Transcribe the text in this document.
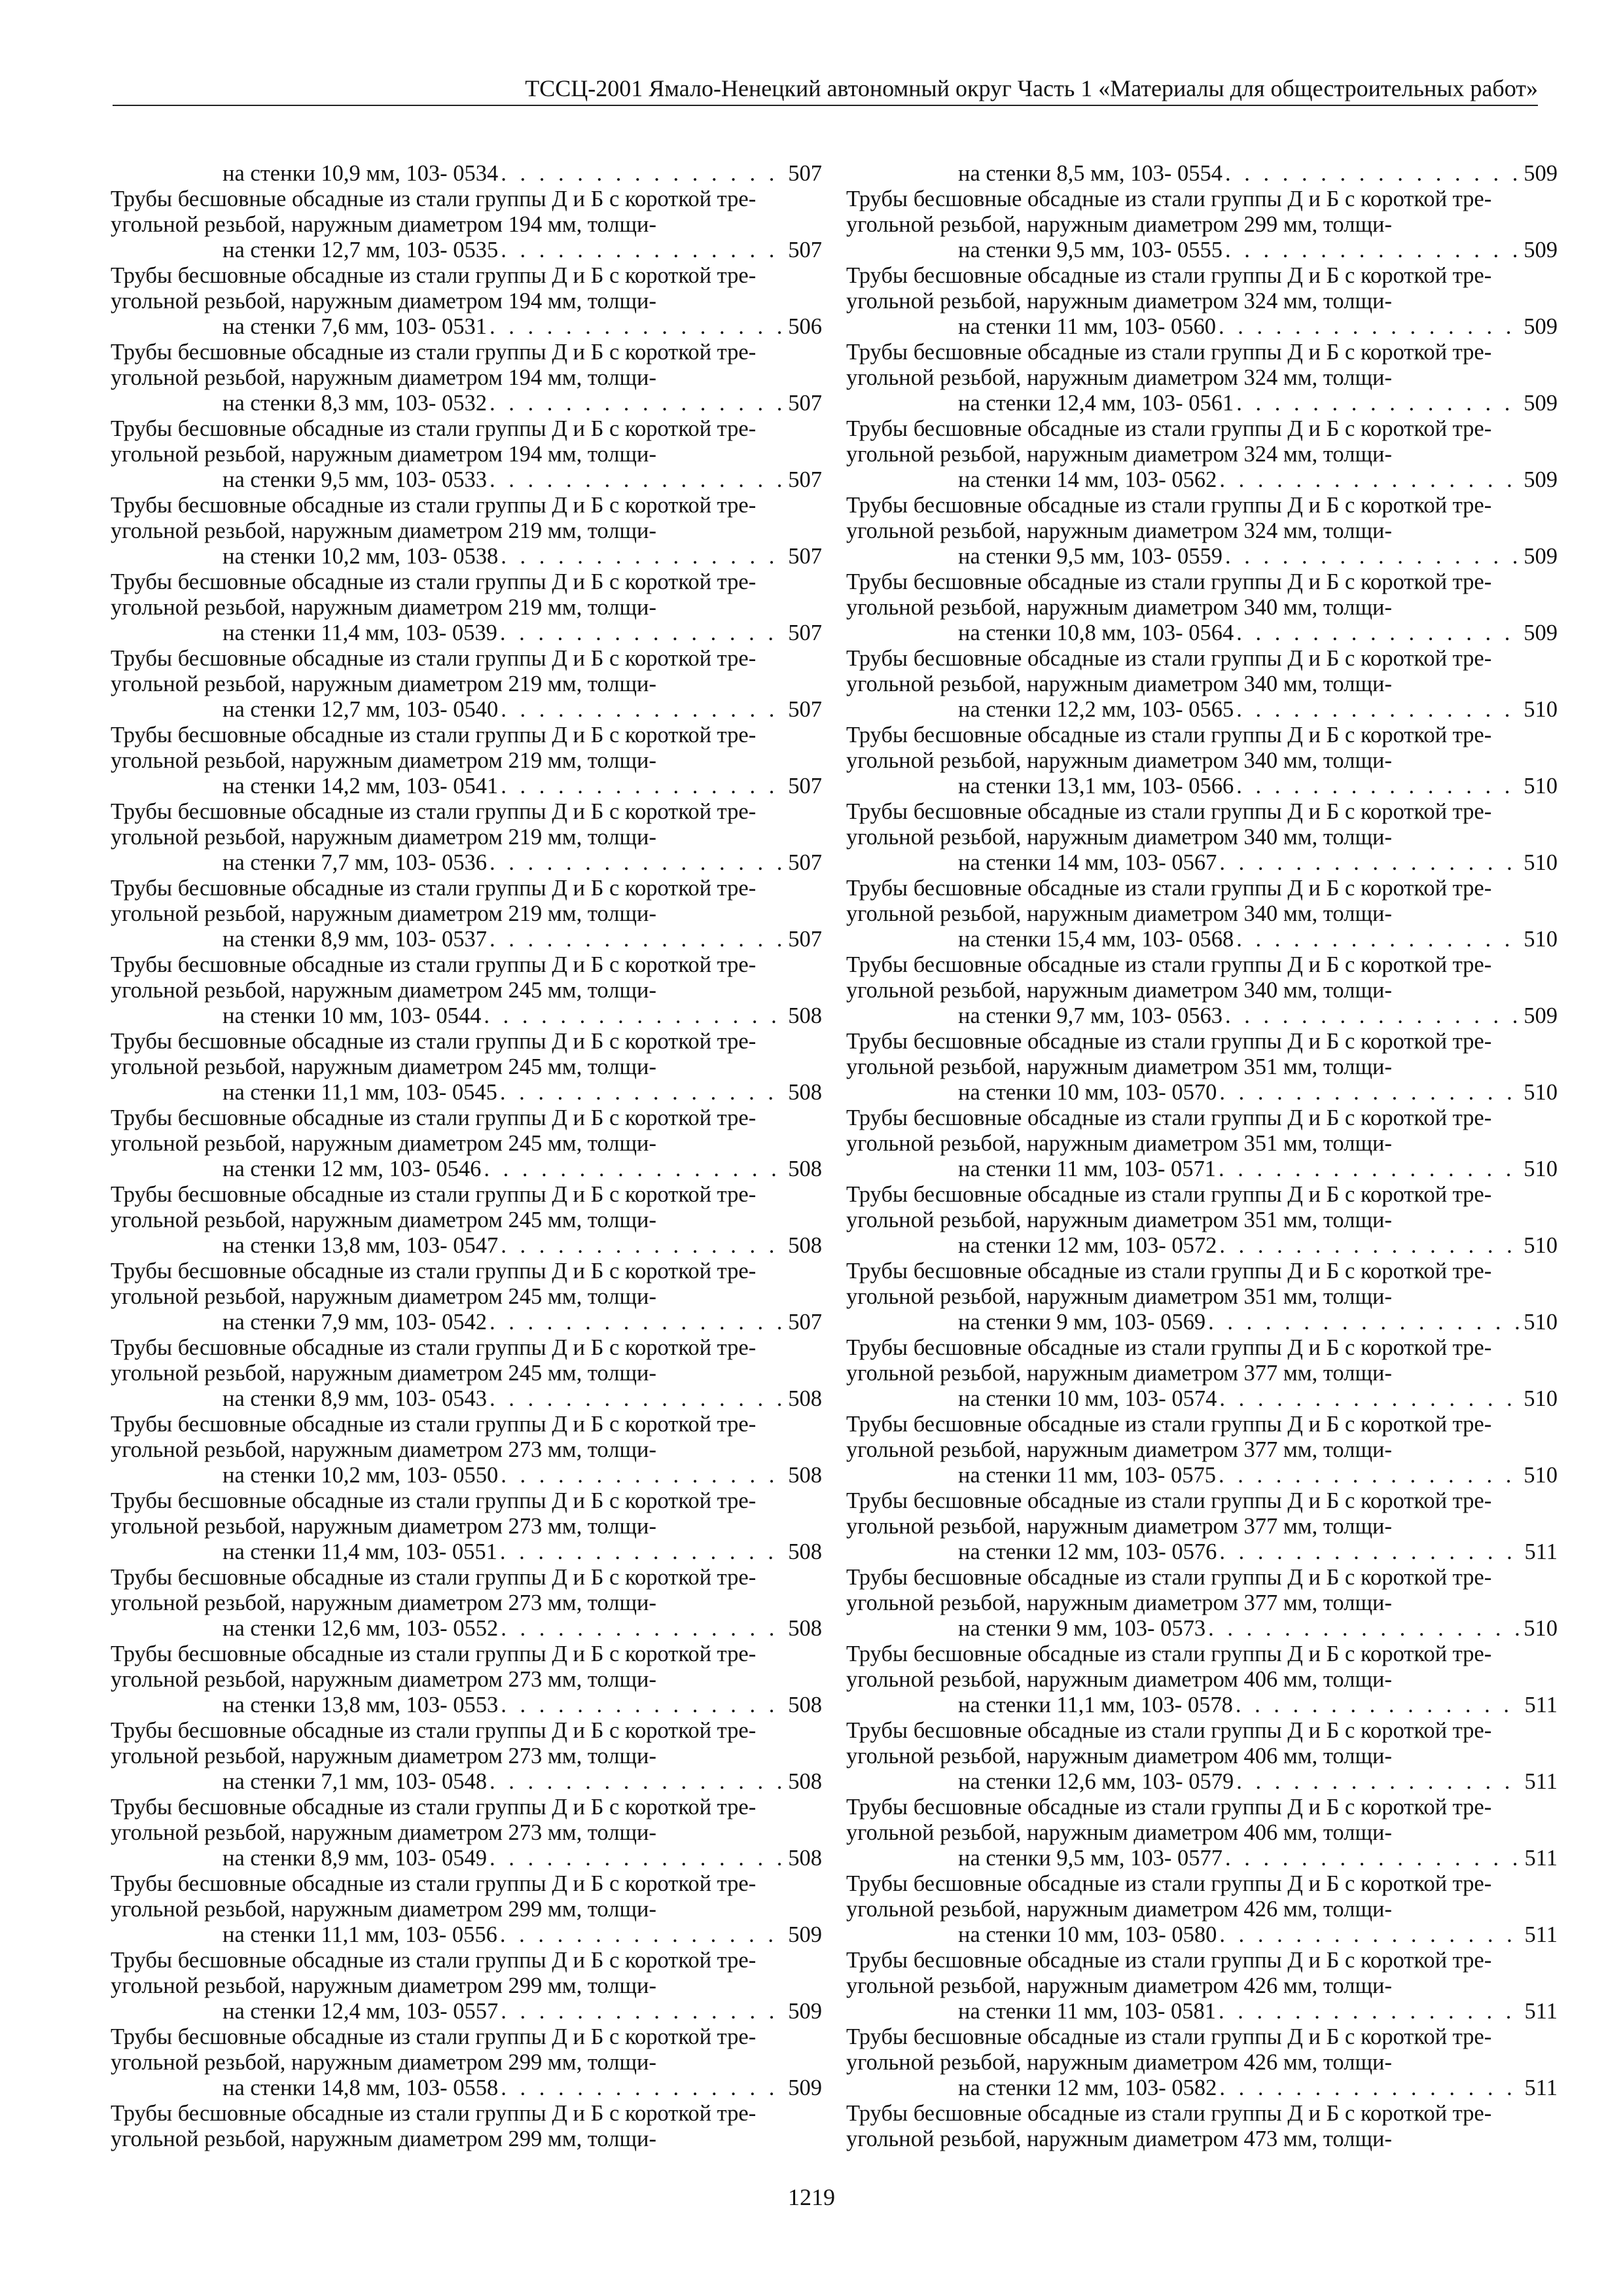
ТССЦ-2001 Ямало-Ненецкий автономный округ Часть 1 «Материалы для общестроительных работ»
на стенки 10,9 мм, 103- 0534 . . .	507
Трубы бесшовные обсадные из стали группы Д и Б с короткой тре-
угольной резьбой, наружным диаметром 194 мм, толщи-
на стенки 12,7 мм, 103- 0535 . . .	507
Трубы бесшовные обсадные из стали группы Д и Б с короткой тре-
угольной резьбой, наружным диаметром 194 мм, толщи-
на стенки 7,6 мм, 103- 0531 . . .	506
Трубы бесшовные обсадные из стали группы Д и Б с короткой тре-
угольной резьбой, наружным диаметром 194 мм, толщи-
на стенки 8,3 мм, 103- 0532 . . .	507
Трубы бесшовные обсадные из стали группы Д и Б с короткой тре-
угольной резьбой, наружным диаметром 194 мм, толщи-
на стенки 9,5 мм, 103- 0533 . . .	507
Трубы бесшовные обсадные из стали группы Д и Б с короткой тре-
угольной резьбой, наружным диаметром 219 мм, толщи-
на стенки 10,2 мм, 103- 0538 . . .	507
Трубы бесшовные обсадные из стали группы Д и Б с короткой тре-
угольной резьбой, наружным диаметром 219 мм, толщи-
на стенки 11,4 мм, 103- 0539 . . .	507
Трубы бесшовные обсадные из стали группы Д и Б с короткой тре-
угольной резьбой, наружным диаметром 219 мм, толщи-
на стенки 12,7 мм, 103- 0540 . . .	507
Трубы бесшовные обсадные из стали группы Д и Б с короткой тре-
угольной резьбой, наружным диаметром 219 мм, толщи-
на стенки 14,2 мм, 103- 0541 . . .	507
Трубы бесшовные обсадные из стали группы Д и Б с короткой тре-
угольной резьбой, наружным диаметром 219 мм, толщи-
на стенки 7,7 мм, 103- 0536 . . .	507
Трубы бесшовные обсадные из стали группы Д и Б с короткой тре-
угольной резьбой, наружным диаметром 219 мм, толщи-
на стенки 8,9 мм, 103- 0537 . . .	507
Трубы бесшовные обсадные из стали группы Д и Б с короткой тре-
угольной резьбой, наружным диаметром 245 мм, толщи-
на стенки 10 мм, 103- 0544 . . .	508
Трубы бесшовные обсадные из стали группы Д и Б с короткой тре-
угольной резьбой, наружным диаметром 245 мм, толщи-
на стенки 11,1 мм, 103- 0545 . . .	508
Трубы бесшовные обсадные из стали группы Д и Б с короткой тре-
угольной резьбой, наружным диаметром 245 мм, толщи-
на стенки 12 мм, 103- 0546 . . .	508
Трубы бесшовные обсадные из стали группы Д и Б с короткой тре-
угольной резьбой, наружным диаметром 245 мм, толщи-
на стенки 13,8 мм, 103- 0547 . . .	508
Трубы бесшовные обсадные из стали группы Д и Б с короткой тре-
угольной резьбой, наружным диаметром 245 мм, толщи-
на стенки 7,9 мм, 103- 0542 . . .	507
Трубы бесшовные обсадные из стали группы Д и Б с короткой тре-
угольной резьбой, наружным диаметром 245 мм, толщи-
на стенки 8,9 мм, 103- 0543 . . .	508
Трубы бесшовные обсадные из стали группы Д и Б с короткой тре-
угольной резьбой, наружным диаметром 273 мм, толщи-
на стенки 10,2 мм, 103- 0550 . . .	508
Трубы бесшовные обсадные из стали группы Д и Б с короткой тре-
угольной резьбой, наружным диаметром 273 мм, толщи-
на стенки 11,4 мм, 103- 0551 . . .	508
Трубы бесшовные обсадные из стали группы Д и Б с короткой тре-
угольной резьбой, наружным диаметром 273 мм, толщи-
на стенки 12,6 мм, 103- 0552 . . .	508
Трубы бесшовные обсадные из стали группы Д и Б с короткой тре-
угольной резьбой, наружным диаметром 273 мм, толщи-
на стенки 13,8 мм, 103- 0553 . . .	508
Трубы бесшовные обсадные из стали группы Д и Б с короткой тре-
угольной резьбой, наружным диаметром 273 мм, толщи-
на стенки 7,1 мм, 103- 0548 . . .	508
Трубы бесшовные обсадные из стали группы Д и Б с короткой тре-
угольной резьбой, наружным диаметром 273 мм, толщи-
на стенки 8,9 мм, 103- 0549 . . .	508
Трубы бесшовные обсадные из стали группы Д и Б с короткой тре-
угольной резьбой, наружным диаметром 299 мм, толщи-
на стенки 11,1 мм, 103- 0556 . . .	509
Трубы бесшовные обсадные из стали группы Д и Б с короткой тре-
угольной резьбой, наружным диаметром 299 мм, толщи-
на стенки 12,4 мм, 103- 0557 . . .	509
Трубы бесшовные обсадные из стали группы Д и Б с короткой тре-
угольной резьбой, наружным диаметром 299 мм, толщи-
на стенки 14,8 мм, 103- 0558 . . .	509
Трубы бесшовные обсадные из стали группы Д и Б с короткой тре-
угольной резьбой, наружным диаметром 299 мм, толщи-
на стенки 8,5 мм, 103- 0554 . . .	509
Трубы бесшовные обсадные из стали группы Д и Б с короткой тре-
угольной резьбой, наружным диаметром 299 мм, толщи-
на стенки 9,5 мм, 103- 0555 . . .	509
Трубы бесшовные обсадные из стали группы Д и Б с короткой тре-
угольной резьбой, наружным диаметром 324 мм, толщи-
на стенки 11 мм, 103- 0560 . . .	509
Трубы бесшовные обсадные из стали группы Д и Б с короткой тре-
угольной резьбой, наружным диаметром 324 мм, толщи-
на стенки 12,4 мм, 103- 0561 . . .	509
Трубы бесшовные обсадные из стали группы Д и Б с короткой тре-
угольной резьбой, наружным диаметром 324 мм, толщи-
на стенки 14 мм, 103- 0562 . . .	509
Трубы бесшовные обсадные из стали группы Д и Б с короткой тре-
угольной резьбой, наружным диаметром 324 мм, толщи-
на стенки 9,5 мм, 103- 0559 . . .	509
Трубы бесшовные обсадные из стали группы Д и Б с короткой тре-
угольной резьбой, наружным диаметром 340 мм, толщи-
на стенки 10,8 мм, 103- 0564 . . .	509
Трубы бесшовные обсадные из стали группы Д и Б с короткой тре-
угольной резьбой, наружным диаметром 340 мм, толщи-
на стенки 12,2 мм, 103- 0565 . . .	510
Трубы бесшовные обсадные из стали группы Д и Б с короткой тре-
угольной резьбой, наружным диаметром 340 мм, толщи-
на стенки 13,1 мм, 103- 0566 . . .	510
Трубы бесшовные обсадные из стали группы Д и Б с короткой тре-
угольной резьбой, наружным диаметром 340 мм, толщи-
на стенки 14 мм, 103- 0567 . . .	510
Трубы бесшовные обсадные из стали группы Д и Б с короткой тре-
угольной резьбой, наружным диаметром 340 мм, толщи-
на стенки 15,4 мм, 103- 0568 . . .	510
Трубы бесшовные обсадные из стали группы Д и Б с короткой тре-
угольной резьбой, наружным диаметром 340 мм, толщи-
на стенки 9,7 мм, 103- 0563 . . .	509
Трубы бесшовные обсадные из стали группы Д и Б с короткой тре-
угольной резьбой, наружным диаметром 351 мм, толщи-
на стенки 10 мм, 103- 0570 . . .	510
Трубы бесшовные обсадные из стали группы Д и Б с короткой тре-
угольной резьбой, наружным диаметром 351 мм, толщи-
на стенки 11 мм, 103- 0571 . . .	510
Трубы бесшовные обсадные из стали группы Д и Б с короткой тре-
угольной резьбой, наружным диаметром 351 мм, толщи-
на стенки 12 мм, 103- 0572 . . .	510
Трубы бесшовные обсадные из стали группы Д и Б с короткой тре-
угольной резьбой, наружным диаметром 351 мм, толщи-
на стенки 9 мм, 103- 0569 . . .	510
Трубы бесшовные обсадные из стали группы Д и Б с короткой тре-
угольной резьбой, наружным диаметром 377 мм, толщи-
на стенки 10 мм, 103- 0574 . . .	510
Трубы бесшовные обсадные из стали группы Д и Б с короткой тре-
угольной резьбой, наружным диаметром 377 мм, толщи-
на стенки 11 мм, 103- 0575 . . .	510
Трубы бесшовные обсадные из стали группы Д и Б с короткой тре-
угольной резьбой, наружным диаметром 377 мм, толщи-
на стенки 12 мм, 103- 0576 . . .	511
Трубы бесшовные обсадные из стали группы Д и Б с короткой тре-
угольной резьбой, наружным диаметром 377 мм, толщи-
на стенки 9 мм, 103- 0573 . . .	510
Трубы бесшовные обсадные из стали группы Д и Б с короткой тре-
угольной резьбой, наружным диаметром 406 мм, толщи-
на стенки 11,1 мм, 103- 0578 . . .	511
Трубы бесшовные обсадные из стали группы Д и Б с короткой тре-
угольной резьбой, наружным диаметром 406 мм, толщи-
на стенки 12,6 мм, 103- 0579 . . .	511
Трубы бесшовные обсадные из стали группы Д и Б с короткой тре-
угольной резьбой, наружным диаметром 406 мм, толщи-
на стенки 9,5 мм, 103- 0577 . . .	511
Трубы бесшовные обсадные из стали группы Д и Б с короткой тре-
угольной резьбой, наружным диаметром 426 мм, толщи-
на стенки 10 мм, 103- 0580 . . .	511
Трубы бесшовные обсадные из стали группы Д и Б с короткой тре-
угольной резьбой, наружным диаметром 426 мм, толщи-
на стенки 11 мм, 103- 0581 . . .	511
Трубы бесшовные обсадные из стали группы Д и Б с короткой тре-
угольной резьбой, наружным диаметром 426 мм, толщи-
на стенки 12 мм, 103- 0582 . . .	511
Трубы бесшовные обсадные из стали группы Д и Б с короткой тре-
угольной резьбой, наружным диаметром 473 мм, толщи-
1219
